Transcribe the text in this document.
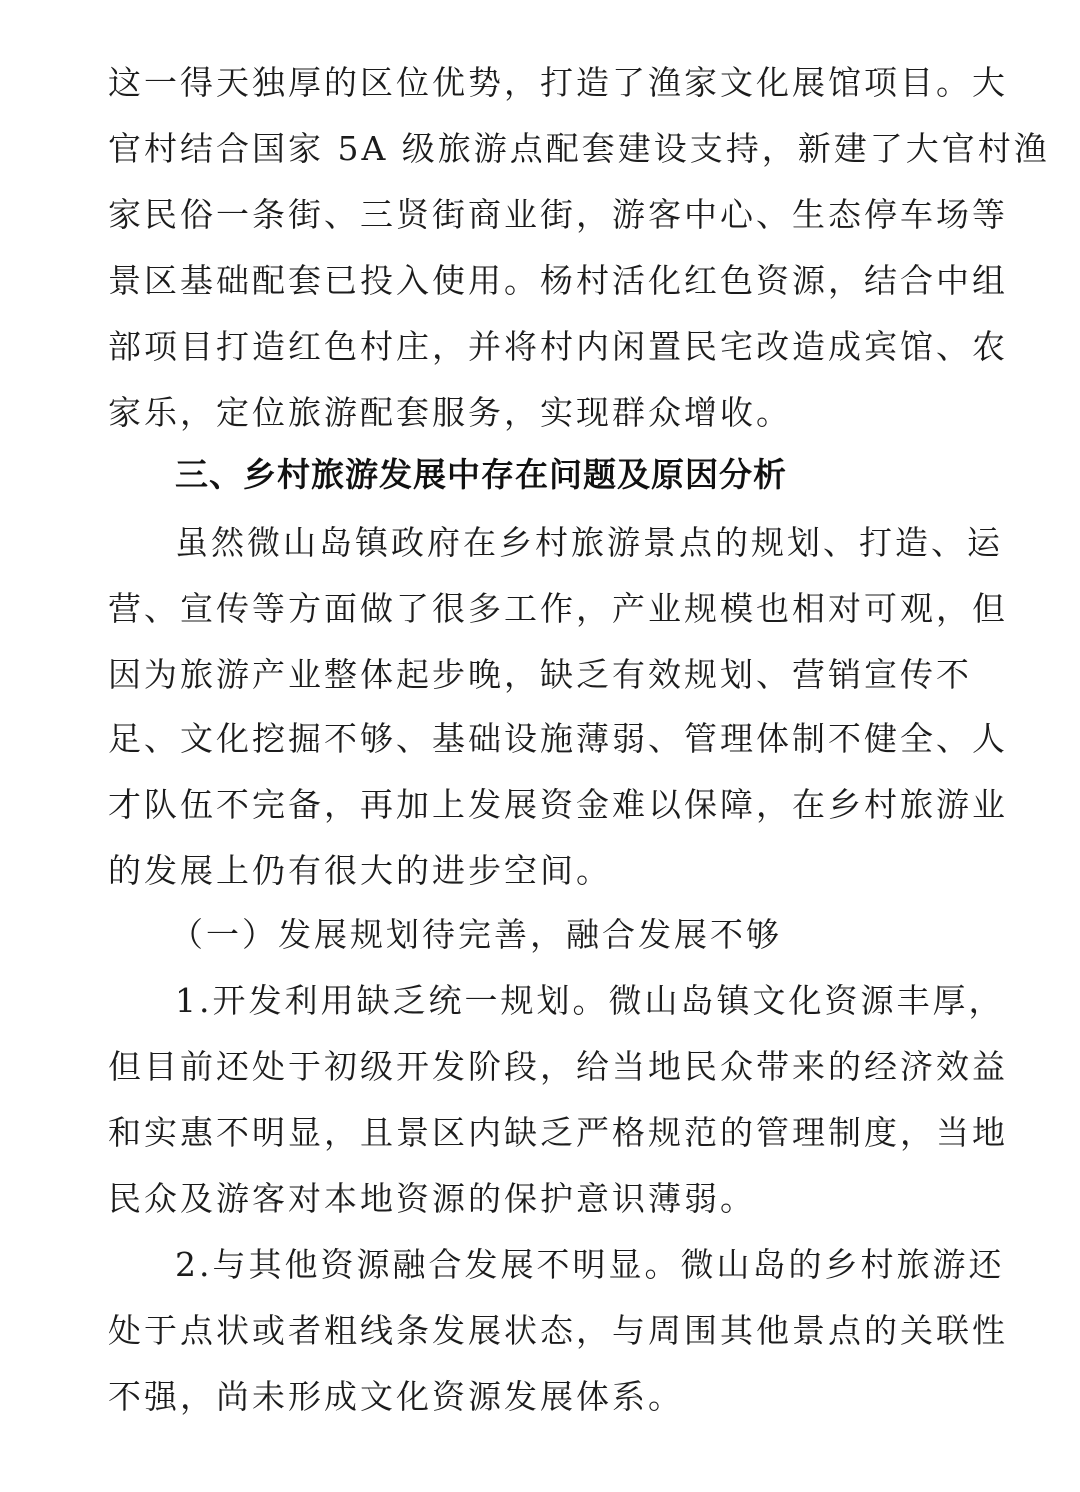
这一得天独厚的区位优势，打造了渔家文化展馆项目。大
官村结合国家 5A 级旅游点配套建设支持，新建了大官村渔
家民俗一条街、三贤街商业街，游客中心、生态停车场等
景区基础配套已投入使用。杨村活化红色资源，结合中组
部项目打造红色村庄，并将村内闲置民宅改造成宾馆、农
家乐，定位旅游配套服务，实现群众增收。
三、乡村旅游发展中存在问题及原因分析
虽然微山岛镇政府在乡村旅游景点的规划、打造、运
营、宣传等方面做了很多工作，产业规模也相对可观，但
因为旅游产业整体起步晚，缺乏有效规划、营销宣传不
足、文化挖掘不够、基础设施薄弱、管理体制不健全、人
才队伍不完备，再加上发展资金难以保障，在乡村旅游业
的发展上仍有很大的进步空间。
（一）发展规划待完善，融合发展不够
1.开发利用缺乏统一规划。微山岛镇文化资源丰厚，
但目前还处于初级开发阶段，给当地民众带来的经济效益
和实惠不明显，且景区内缺乏严格规范的管理制度，当地
民众及游客对本地资源的保护意识薄弱。
2.与其他资源融合发展不明显。微山岛的乡村旅游还
处于点状或者粗线条发展状态，与周围其他景点的关联性
不强，尚未形成文化资源发展体系。
